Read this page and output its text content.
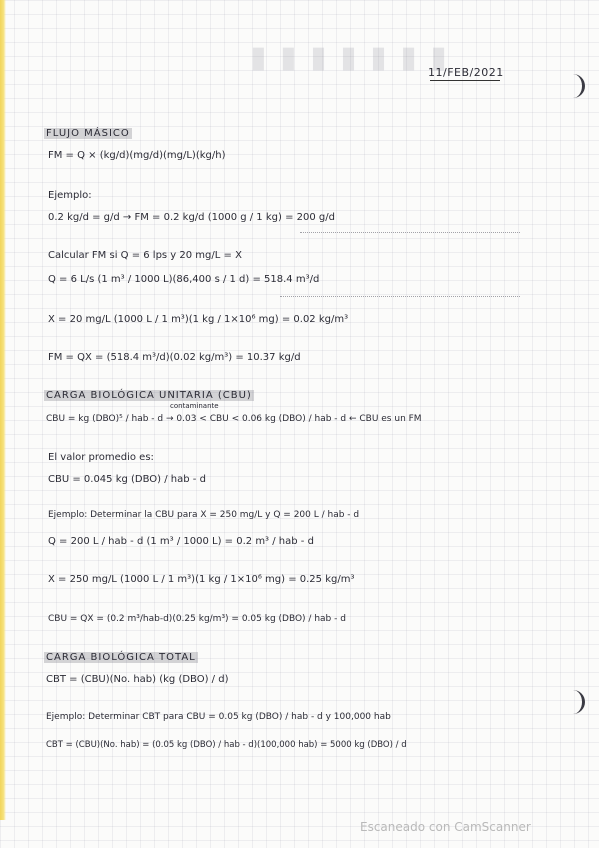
▮ ▮ ▮ ▮ ▮ ▮ ▮
11/FEB/2021
FLUJO MÁSICO
FM = Q × (kg/d)(mg/d)(mg/L)(kg/h)
Ejemplo:
0.2 kg/d = g/d → FM = 0.2 kg/d (1000 g / 1 kg) = 200 g/d
Calcular FM si Q = 6 lps y 20 mg/L = X
Q = 6 L/s (1 m³ / 1000 L)(86,400 s / 1 d) = 518.4 m³/d
X = 20 mg/L (1000 L / 1 m³)(1 kg / 1×10⁶ mg) = 0.02 kg/m³
FM = QX = (518.4 m³/d)(0.02 kg/m³) = 10.37 kg/d
CARGA BIOLÓGICA UNITARIA (CBU)
contaminante
CBU = kg (DBO)⁵ / hab - d → 0.03 < CBU < 0.06 kg (DBO) / hab - d ← CBU es un FM
El valor promedio es:
CBU = 0.045 kg (DBO) / hab - d
Ejemplo: Determinar la CBU para X = 250 mg/L y Q = 200 L / hab - d
Q = 200 L / hab - d (1 m³ / 1000 L) = 0.2 m³ / hab - d
X = 250 mg/L (1000 L / 1 m³)(1 kg / 1×10⁶ mg) = 0.25 kg/m³
CBU = QX = (0.2 m³/hab-d)(0.25 kg/m³) = 0.05 kg (DBO) / hab - d
CARGA BIOLÓGICA TOTAL
CBT = (CBU)(No. hab) (kg (DBO) / d)
Ejemplo: Determinar CBT para CBU = 0.05 kg (DBO) / hab - d y 100,000 hab
CBT = (CBU)(No. hab) = (0.05 kg (DBO) / hab - d)(100,000 hab) = 5000 kg (DBO) / d
Escaneado con CamScanner
